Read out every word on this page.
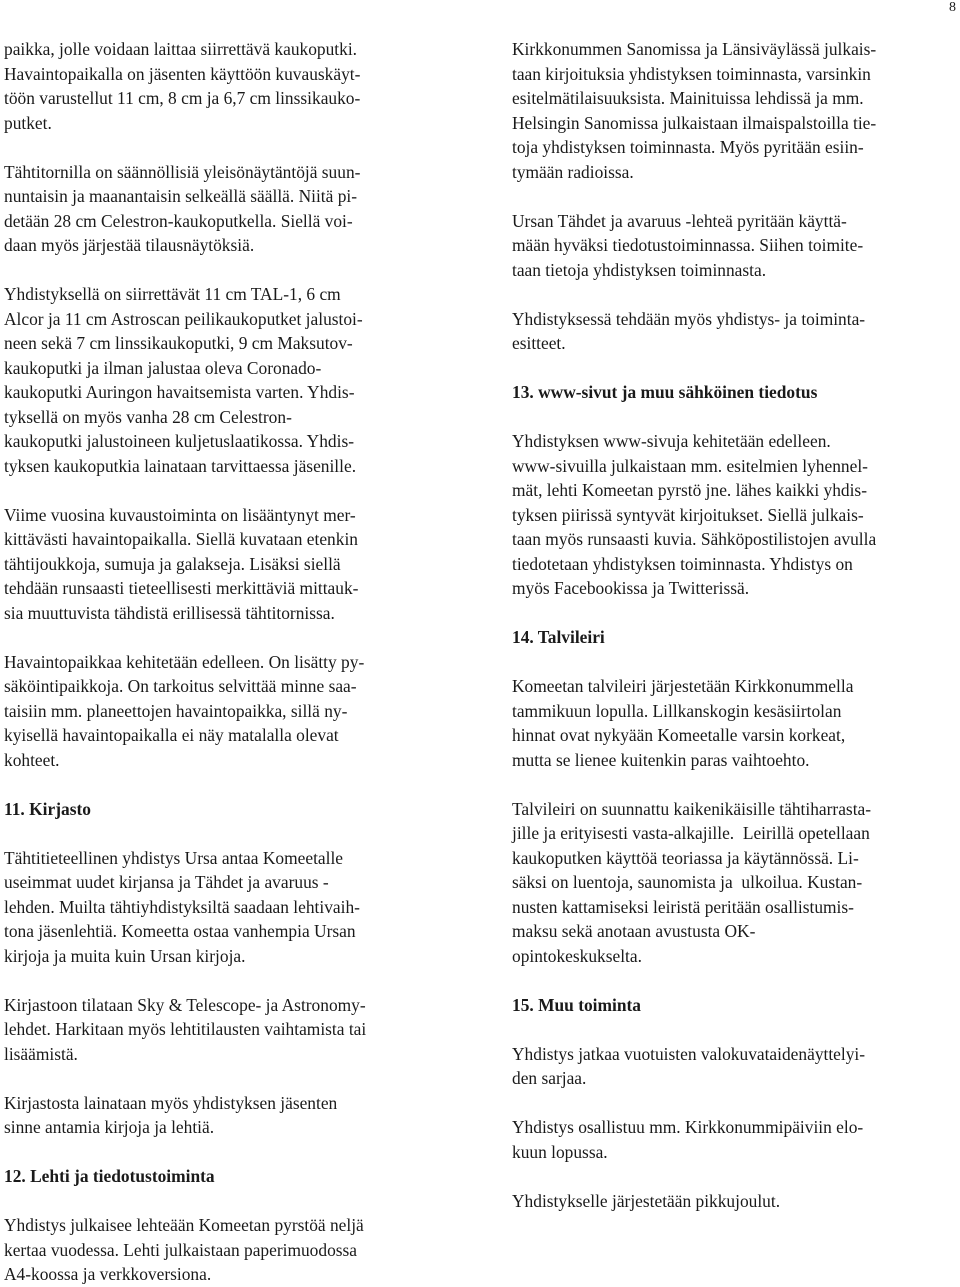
8
paikka, jolle voidaan laittaa siirrettävä kaukoputki.
Havaintopaikalla on jäsenten käyttöön kuvauskäyt-
töön varustellut 11 cm, 8 cm ja 6,7 cm linssikauko-
putket.
Tähtitornilla on säännöllisiä yleisönäytäntöjä suun-
nuntaisin ja maanantaisin selkeällä säällä. Niitä pi-
detään 28 cm Celestron-kaukoputkella. Siellä voi-
daan myös järjestää tilausnäytöksiä.
Yhdistyksellä on siirrettävät 11 cm TAL-1, 6 cm
Alcor ja 11 cm Astroscan peilikaukoputket jalustoi-
neen sekä 7 cm linssikaukoputki, 9 cm Maksutov-
kaukoputki ja ilman jalustaa oleva Coronado-
kaukoputki Auringon havaitsemista varten. Yhdis-
tyksellä on myös vanha 28 cm Celestron-
kaukoputki jalustoineen kuljetuslaatikossa. Yhdis-
tyksen kaukoputkia lainataan tarvittaessa jäsenille.
Viime vuosina kuvaustoiminta on lisääntynyt mer-
kittävästi havaintopaikalla. Siellä kuvataan etenkin
tähtijoukkoja, sumuja ja galakseja. Lisäksi siellä
tehdään runsaasti tieteellisesti merkittäviä mittauk-
sia muuttuvista tähdistä erillisessä tähtitornissa.
Havaintopaikkaa kehitetään edelleen. On lisätty py-
säköintipaikkoja. On tarkoitus selvittää minne saa-
taisiin mm. planeettojen havaintopaikka, sillä ny-
kyisellä havaintopaikalla ei näy matalalla olevat
kohteet.
11. Kirjasto
Tähtitieteellinen yhdistys Ursa antaa Komeetalle
useimmat uudet kirjansa ja Tähdet ja avaruus -
lehden. Muilta tähtiyhdistyksiltä saadaan lehtivaih-
tona jäsenlehtiä. Komeetta ostaa vanhempia Ursan
kirjoja ja muita kuin Ursan kirjoja.
Kirjastoon tilataan Sky & Telescope- ja Astronomy-
lehdet. Harkitaan myös lehtitilausten vaihtamista tai
lisäämistä.
Kirjastosta lainataan myös yhdistyksen jäsenten
sinne antamia kirjoja ja lehtiä.
12. Lehti ja tiedotustoiminta
Yhdistys julkaisee lehteään Komeetan pyrstöä neljä
kertaa vuodessa. Lehti julkaistaan paperimuodossa
A4-koossa ja verkkoversiona.
Kirkkonummen Sanomissa ja Länsiväylässä julkais-
taan kirjoituksia yhdistyksen toiminnasta, varsinkin
esitelmätilaisuuksista. Mainituissa lehdissä ja mm.
Helsingin Sanomissa julkaistaan ilmaispalstoilla tie-
toja yhdistyksen toiminnasta. Myös pyritään esiin-
tymään radioissa.
Ursan Tähdet ja avaruus -lehteä pyritään käyttä-
mään hyväksi tiedotustoiminnassa. Siihen toimite-
taan tietoja yhdistyksen toiminnasta.
Yhdistyksessä tehdään myös yhdistys- ja toiminta-
esitteet.
13. www-sivut ja muu sähköinen tiedotus
Yhdistyksen www-sivuja kehitetään edelleen.
www-sivuilla julkaistaan mm. esitelmien lyhennel-
mät, lehti Komeetan pyrstö jne. lähes kaikki yhdis-
tyksen piirissä syntyvät kirjoitukset. Siellä julkais-
taan myös runsaasti kuvia. Sähköpostilistojen avulla
tiedotetaan yhdistyksen toiminnasta. Yhdistys on
myös Facebookissa ja Twitterissä.
14. Talvileiri
Komeetan talvileiri järjestetään Kirkkonummella
tammikuun lopulla. Lillkanskogin kesäsiirtolan
hinnat ovat nykyään Komeetalle varsin korkeat,
mutta se lienee kuitenkin paras vaihtoehto.
Talvileiri on suunnattu kaikenikäisille tähtiharrasta-
jille ja erityisesti vasta-alkajille.  Leirillä opetellaan
kaukoputken käyttöä teoriassa ja käytännössä. Li-
säksi on luentoja, saunomista ja  ulkoilua. Kustan-
nusten kattamiseksi leiristä peritään osallistumis-
maksu sekä anotaan avustusta OK-
opintokeskukselta.
15. Muu toiminta
Yhdistys jatkaa vuotuisten valokuvataidenäyttelyi-
den sarjaa.
Yhdistys osallistuu mm. Kirkkonummipäiviin elo-
kuun lopussa.
Yhdistykselle järjestetään pikkujoulut.
